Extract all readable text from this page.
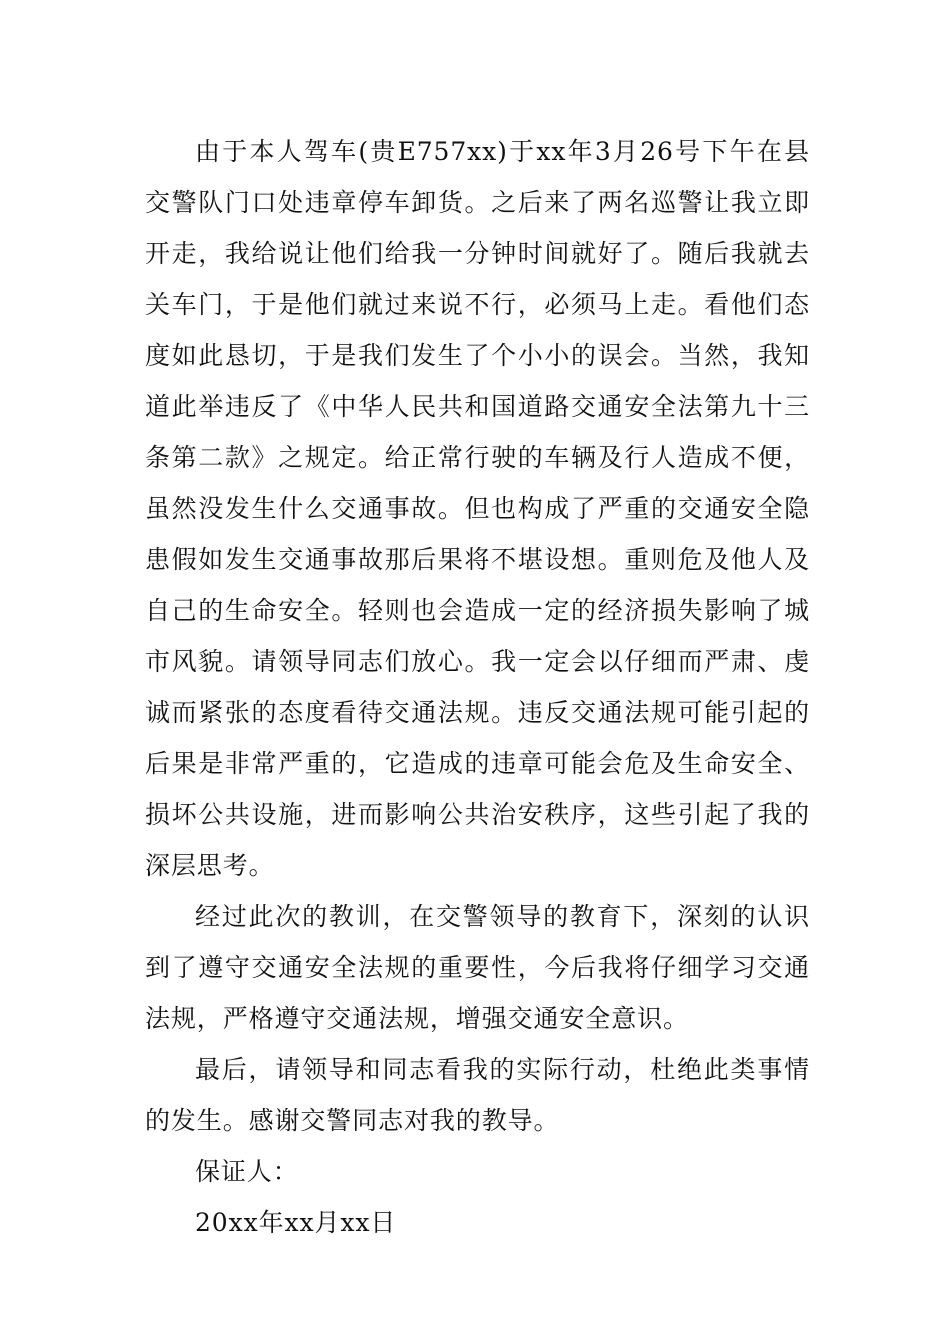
由于本人驾车(贵E757xx)于xx年3月26号下午在县交警队门口处违章停车卸货。之后来了两名巡警让我立即开走，我给说让他们给我一分钟时间就好了。随后我就去关车门，于是他们就过来说不行，必须马上走。看他们态度如此恳切，于是我们发生了个小小的误会。当然，我知道此举违反了《中华人民共和国道路交通安全法第九十三条第二款》之规定。给正常行驶的车辆及行人造成不便，虽然没发生什么交通事故。但也构成了严重的交通安全隐患假如发生交通事故那后果将不堪设想。重则危及他人及自己的生命安全。轻则也会造成一定的经济损失影响了城市风貌。请领导同志们放心。我一定会以仔细而严肃、虔诚而紧张的态度看待交通法规。违反交通法规可能引起的后果是非常严重的，它造成的违章可能会危及生命安全、损坏公共设施，进而影响公共治安秩序，这些引起了我的深层思考。

经过此次的教训，在交警领导的教育下，深刻的认识到了遵守交通安全法规的重要性，今后我将仔细学习交通法规，严格遵守交通法规，增强交通安全意识。

最后，请领导和同志看我的实际行动，杜绝此类事情的发生。感谢交警同志对我的教导。

保证人：

20xx年xx月xx日
